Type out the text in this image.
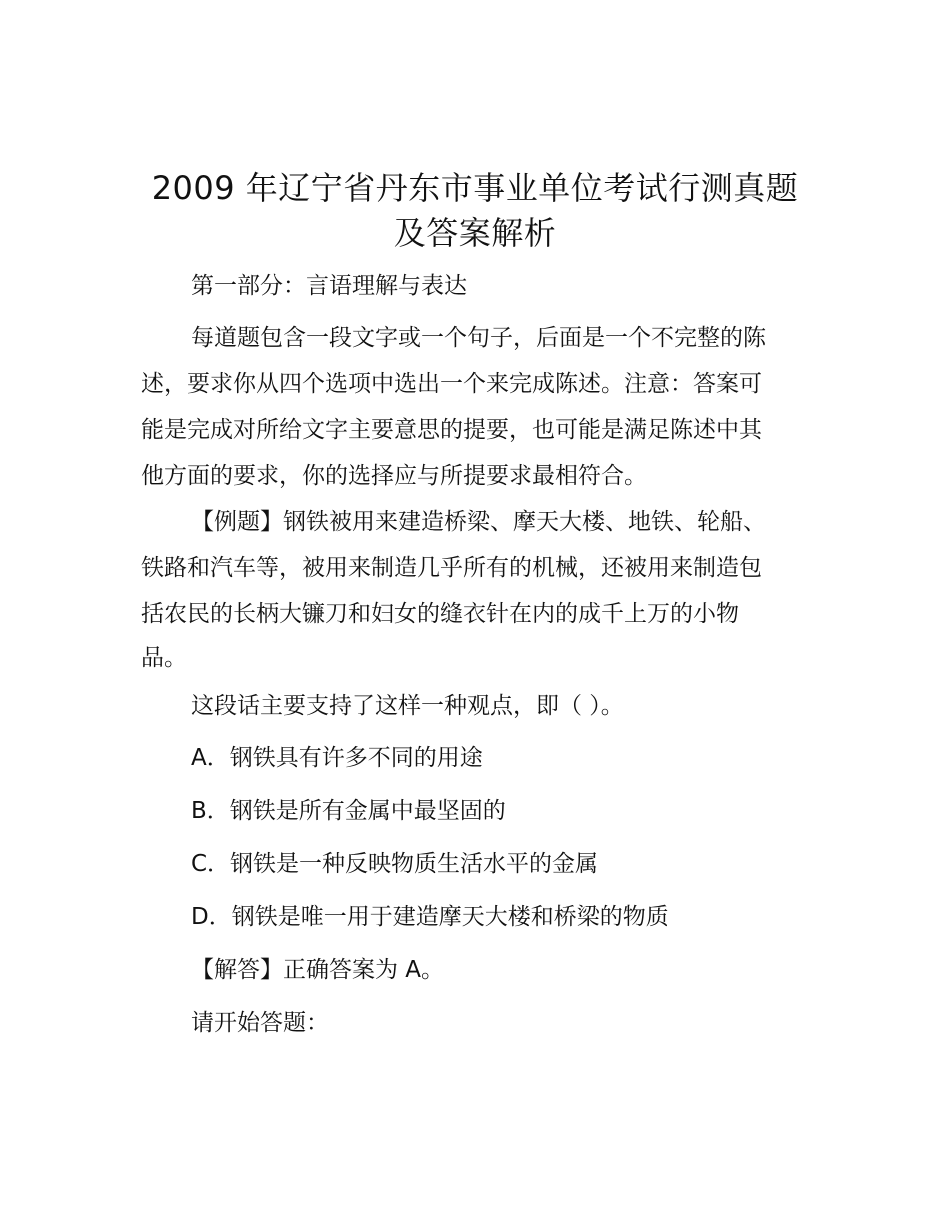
2009 年辽宁省丹东市事业单位考试行测真题
及答案解析

第一部分：言语理解与表达

每道题包含一段文字或一个句子，后面是一个不完整的陈

述，要求你从四个选项中选出一个来完成陈述。注意：答案可

能是完成对所给文字主要意思的提要，也可能是满足陈述中其

他方面的要求，你的选择应与所提要求最相符合。

【例题】钢铁被用来建造桥梁、摩天大楼、地铁、轮船、

铁路和汽车等，被用来制造几乎所有的机械，还被用来制造包

括农民的长柄大镰刀和妇女的缝衣针在内的成千上万的小物

品。

这段话主要支持了这样一种观点，即（ ）。

A．钢铁具有许多不同的用途

B．钢铁是所有金属中最坚固的

C．钢铁是一种反映物质生活水平的金属

D．钢铁是唯一用于建造摩天大楼和桥梁的物质

【解答】正确答案为 A。

请开始答题：
